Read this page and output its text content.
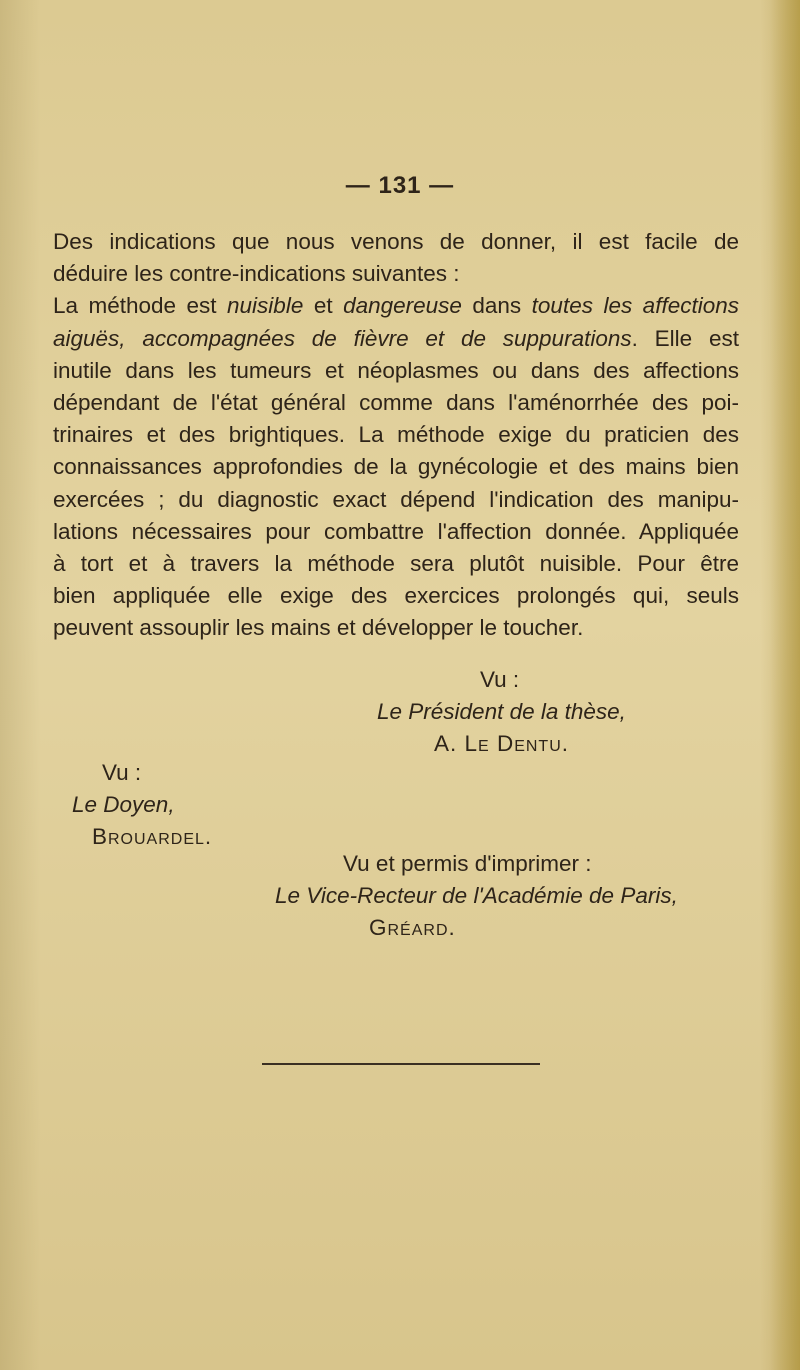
— 131 —

Des indications que nous venons de donner, il est facile de
déduire les contre-indications suivantes :

La méthode est nuisible et dangereuse dans toutes les affections
aiguës, accompagnées de fièvre et de suppurations. Elle est
inutile dans les tumeurs et néoplasmes ou dans des affections
dépendant de l'état général comme dans l'aménorrhée des poi-
trinaires et des brightiques. La méthode exige du praticien des
connaissances approfondies de la gynécologie et des mains bien
exercées ; du diagnostic exact dépend l'indication des manipu-
lations nécessaires pour combattre l'affection donnée. Appliquée
à tort et à travers la méthode sera plutôt nuisible. Pour être
bien appliquée elle exige des exercices prolongés qui, seuls
peuvent assouplir les mains et développer le toucher.

Vu :
Le Président de la thèse,
A. Le Dentu.
Vu :
Le Doyen,
Brouardel.
Vu et permis d'imprimer :
Le Vice-Recteur de l'Académie de Paris,
Gréard.
